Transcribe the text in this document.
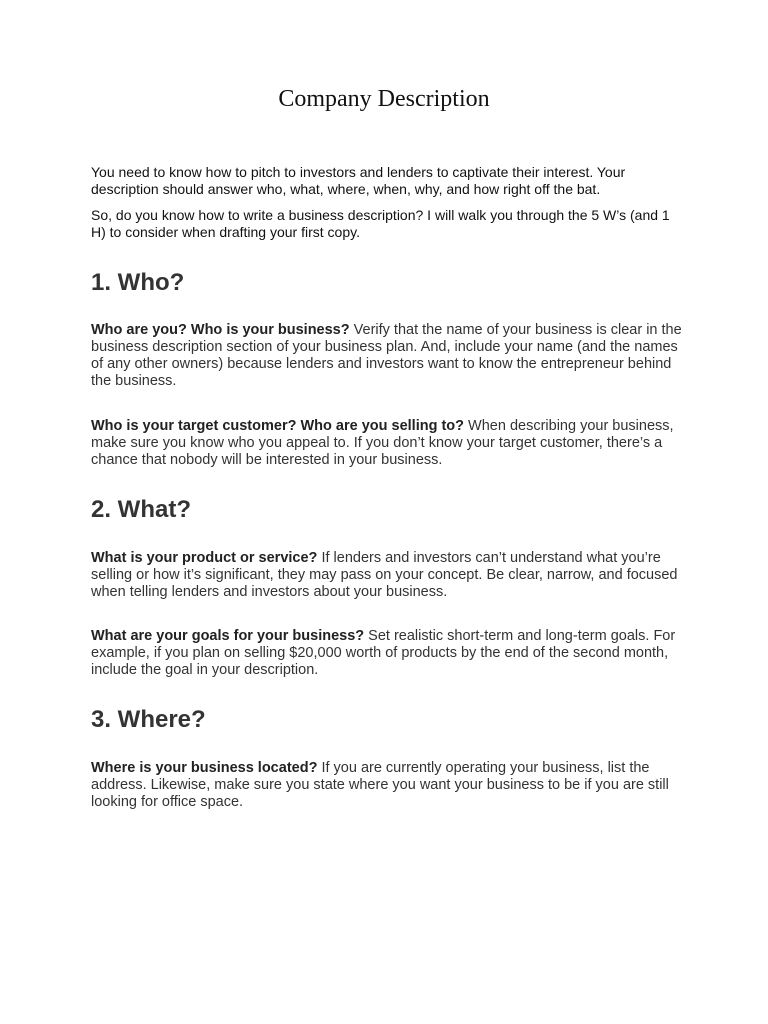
Company Description

You need to know how to pitch to investors and lenders to captivate their interest. Your description should answer who, what, where, when, why, and how right off the bat.

So, do you know how to write a business description? I will walk you through the 5 W’s (and 1 H) to consider when drafting your first copy.

1. Who?

Who are you? Who is your business? Verify that the name of your business is clear in the business description section of your business plan. And, include your name (and the names of any other owners) because lenders and investors want to know the entrepreneur behind the business.

Who is your target customer? Who are you selling to? When describing your business, make sure you know who you appeal to. If you don’t know your target customer, there’s a chance that nobody will be interested in your business.

2. What?

What is your product or service? If lenders and investors can’t understand what you’re selling or how it’s significant, they may pass on your concept. Be clear, narrow, and focused when telling lenders and investors about your business.

What are your goals for your business? Set realistic short-term and long-term goals. For example, if you plan on selling $20,000 worth of products by the end of the second month, include the goal in your description.

3. Where?

Where is your business located? If you are currently operating your business, list the address. Likewise, make sure you state where you want your business to be if you are still looking for office space.
